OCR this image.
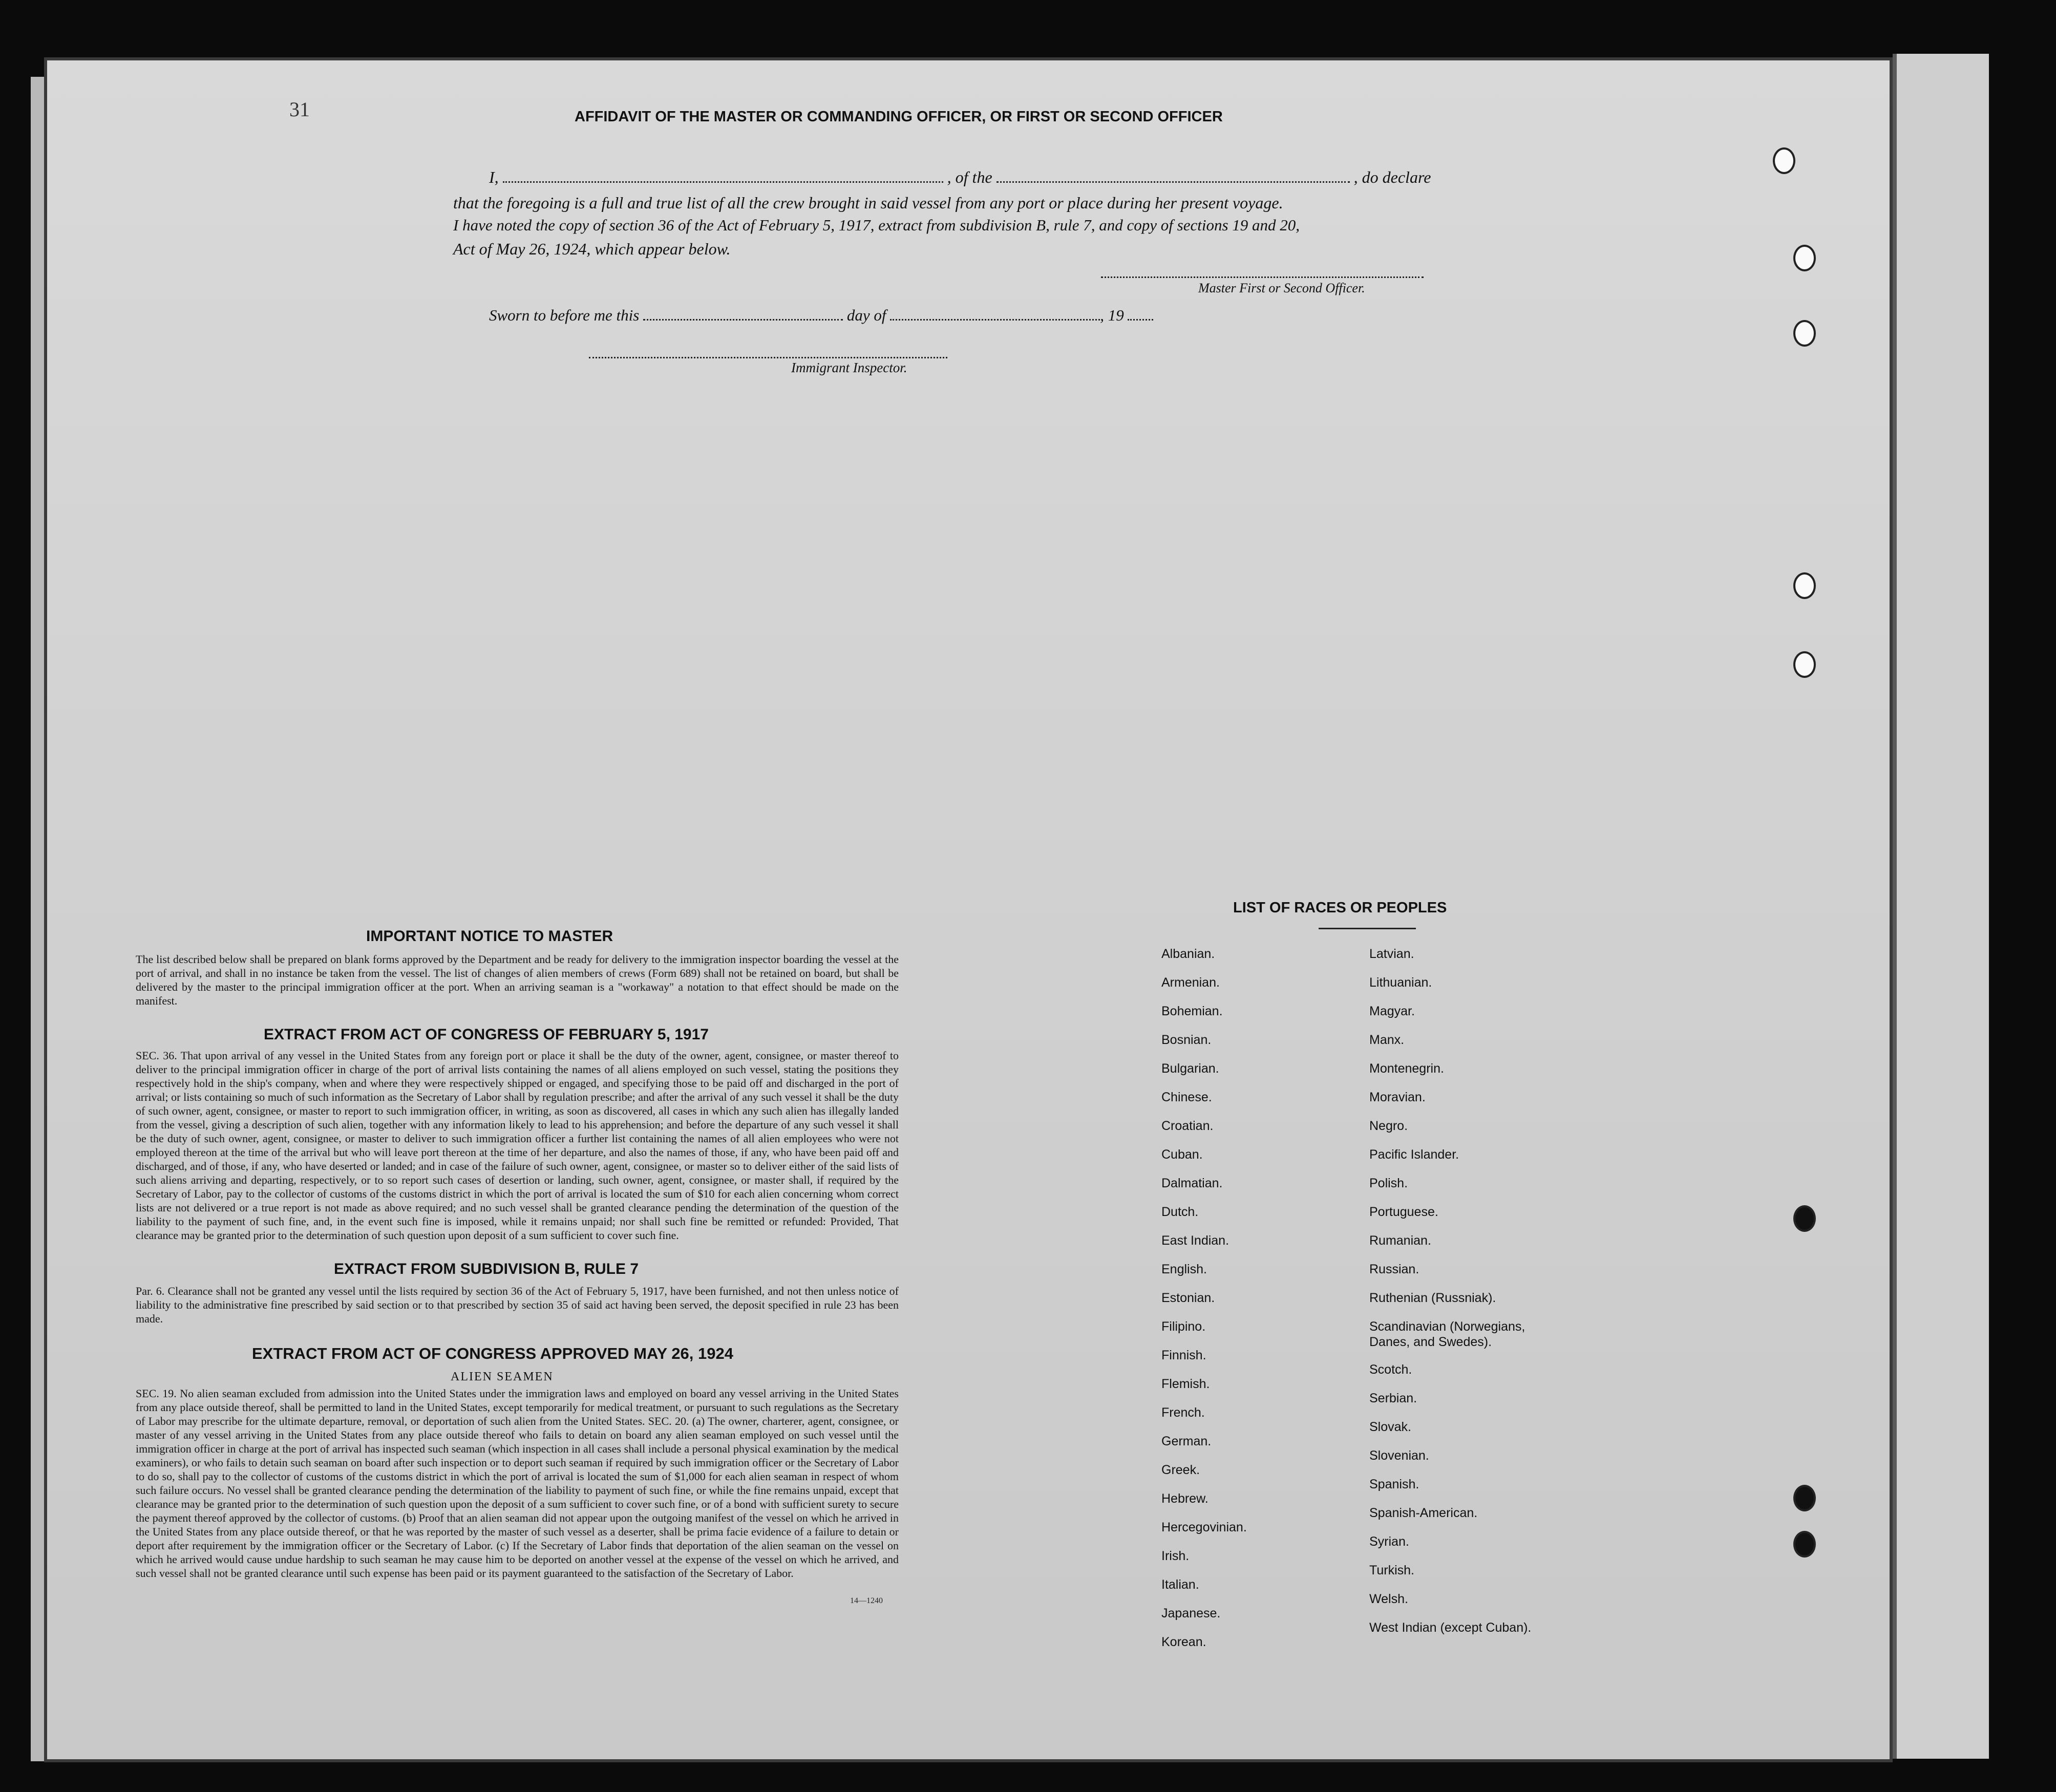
31	AFFIDAVIT OF THE MASTER OR COMMANDING OFFICER, OR FIRST OR SECOND OFFICER
I,	, of the	, do declare
that the foregoing is a full and true list of all the crew brought in said vessel from any port or place during her present voyage.
I have noted the copy of section 36 of the Act of February 5, 1917, extract from subdivision B, rule 7, and copy of sections 19 and 20,
Act of May 26, 1924, which appear below.
Master First or Second Officer.
Sworn to before me this	day of	, 19
Immigrant Inspector.
IMPORTANT NOTICE TO MASTER
The list described below shall be prepared on blank forms approved by the Department and be ready for delivery to the immigration inspector boarding the vessel at the port of arrival, and shall in no instance be taken from the vessel. The list of changes of alien members of crews (Form 689) shall not be retained on board, but shall be delivered by the master to the principal immigration officer at the port. When an arriving seaman is a "workaway" a notation to that effect should be made on the manifest.
EXTRACT FROM ACT OF CONGRESS OF FEBRUARY 5, 1917
SEC. 36. That upon arrival of any vessel in the United States from any foreign port or place it shall be the duty of the owner, agent, consignee, or master thereof to deliver to the principal immigration officer in charge of the port of arrival lists containing the names of all aliens employed on such vessel, stating the positions they respectively hold in the ship's company, when and where they were respectively shipped or engaged, and specifying those to be paid off and discharged in the port of arrival; or lists containing so much of such information as the Secretary of Labor shall by regulation prescribe; and after the arrival of any such vessel it shall be the duty of such owner, agent, consignee, or master to report to such immigration officer, in writing, as soon as discovered, all cases in which any such alien has illegally landed from the vessel, giving a description of such alien, together with any information likely to lead to his apprehension; and before the departure of any such vessel it shall be the duty of such owner, agent, consignee, or master to deliver to such immigration officer a further list containing the names of all alien employees who were not employed thereon at the time of the arrival but who will leave port thereon at the time of her departure, and also the names of those, if any, who have been paid off and discharged, and of those, if any, who have deserted or landed; and in case of the failure of such owner, agent, consignee, or master so to deliver either of the said lists of such aliens arriving and departing, respectively, or to so report such cases of desertion or landing, such owner, agent, consignee, or master shall, if required by the Secretary of Labor, pay to the collector of customs of the customs district in which the port of arrival is located the sum of $10 for each alien concerning whom correct lists are not delivered or a true report is not made as above required; and no such vessel shall be granted clearance pending the determination of the question of the liability to the payment of such fine, and, in the event such fine is imposed, while it remains unpaid; nor shall such fine be remitted or refunded: Provided, That clearance may be granted prior to the determination of such question upon deposit of a sum sufficient to cover such fine.
EXTRACT FROM SUBDIVISION B, RULE 7
Par. 6. Clearance shall not be granted any vessel until the lists required by section 36 of the Act of February 5, 1917, have been furnished, and not then unless notice of liability to the administrative fine prescribed by said section or to that prescribed by section 35 of said act having been served, the deposit specified in rule 23 has been made.
EXTRACT FROM ACT OF CONGRESS APPROVED MAY 26, 1924
ALIEN SEAMEN
SEC. 19. No alien seaman excluded from admission into the United States under the immigration laws and employed on board any vessel arriving in the United States from any place outside thereof, shall be permitted to land in the United States, except temporarily for medical treatment, or pursuant to such regulations as the Secretary of Labor may prescribe for the ultimate departure, removal, or deportation of such alien from the United States. SEC. 20. (a) The owner, charterer, agent, consignee, or master of any vessel arriving in the United States from any place outside thereof who fails to detain on board any alien seaman employed on such vessel until the immigration officer in charge at the port of arrival has inspected such seaman (which inspection in all cases shall include a personal physical examination by the medical examiners), or who fails to detain such seaman on board after such inspection or to deport such seaman if required by such immigration officer or the Secretary of Labor to do so, shall pay to the collector of customs of the customs district in which the port of arrival is located the sum of $1,000 for each alien seaman in respect of whom such failure occurs. No vessel shall be granted clearance pending the determination of the liability to payment of such fine, or while the fine remains unpaid, except that clearance may be granted prior to the determination of such question upon the deposit of a sum sufficient to cover such fine, or of a bond with sufficient surety to secure the payment thereof approved by the collector of customs. (b) Proof that an alien seaman did not appear upon the outgoing manifest of the vessel on which he arrived in the United States from any place outside thereof, or that he was reported by the master of such vessel as a deserter, shall be prima facie evidence of a failure to detain or deport after requirement by the immigration officer or the Secretary of Labor. (c) If the Secretary of Labor finds that deportation of the alien seaman on the vessel on which he arrived would cause undue hardship to such seaman he may cause him to be deported on another vessel at the expense of the vessel on which he arrived, and such vessel shall not be granted clearance until such expense has been paid or its payment guaranteed to the satisfaction of the Secretary of Labor.
14—1240
LIST OF RACES OR PEOPLES
Albanian.
Armenian.
Bohemian.
Bosnian.
Bulgarian.
Chinese.
Croatian.
Cuban.
Dalmatian.
Dutch.
East Indian.
English.
Estonian.
Filipino.
Finnish.
Flemish.
French.
German.
Greek.
Hebrew.
Hercegovinian.
Irish.
Italian.
Japanese.
Korean.
Latvian.
Lithuanian.
Magyar.
Manx.
Montenegrin.
Moravian.
Negro.
Pacific Islander.
Polish.
Portuguese.
Rumanian.
Russian.
Ruthenian (Russniak).
Scandinavian (Norwegians, Danes, and Swedes).
Scotch.
Serbian.
Slovak.
Slovenian.
Spanish.
Spanish-American.
Syrian.
Turkish.
Welsh.
West Indian (except Cuban).
